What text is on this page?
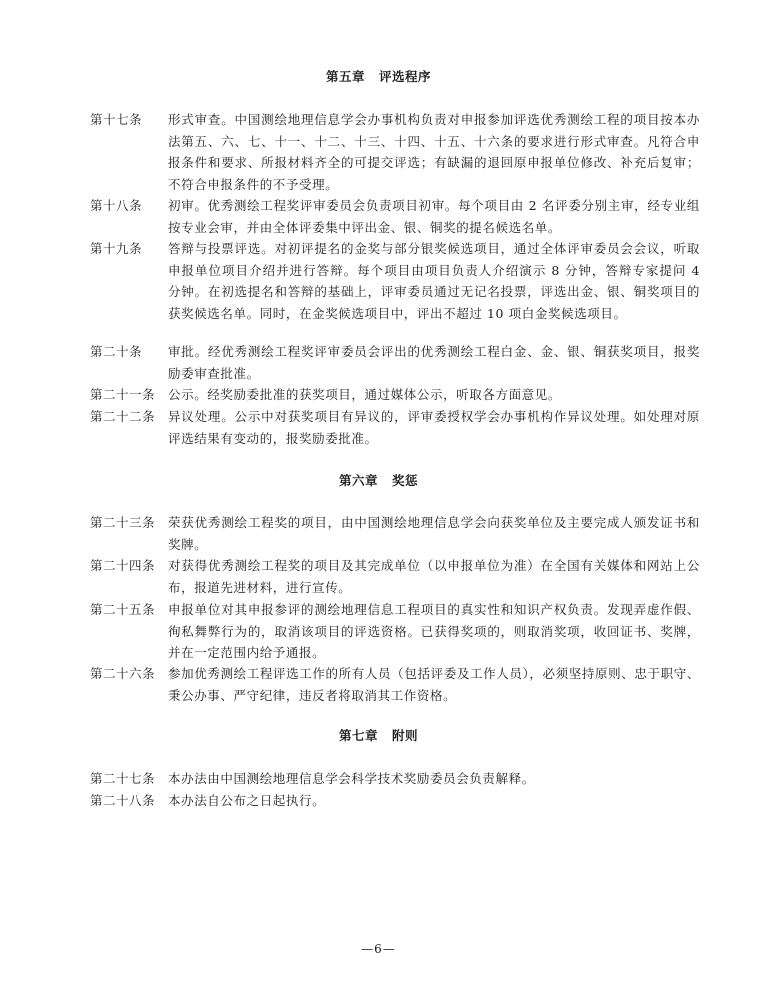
第五章 评选程序
第十七条	形式审查。中国测绘地理信息学会办事机构负责对申报参加评选优秀测绘工程的项目按本办法第五、六、七、十一、十二、十三、十四、十五、十六条的要求进行形式审查。凡符合申报条件和要求、所报材料齐全的可提交评选；有缺漏的退回原申报单位修改、补充后复审；不符合申报条件的不予受理。
第十八条	初审。优秀测绘工程奖评审委员会负责项目初审。每个项目由 2 名评委分别主审，经专业组按专业会审，并由全体评委集中评出金、银、铜奖的提名候选名单。
第十九条	答辩与投票评选。对初评提名的金奖与部分银奖候选项目，通过全体评审委员会会议，听取申报单位项目介绍并进行答辩。每个项目由项目负责人介绍演示 8 分钟，答辩专家提问 4 分钟。在初选提名和答辩的基础上，评审委员通过无记名投票，评选出金、银、铜奖项目的获奖候选名单。同时，在金奖候选项目中，评出不超过 10 项白金奖候选项目。
第二十条	审批。经优秀测绘工程奖评审委员会评出的优秀测绘工程白金、金、银、铜获奖项目，报奖励委审查批准。
第二十一条	公示。经奖励委批准的获奖项目，通过媒体公示，听取各方面意见。
第二十二条	异议处理。公示中对获奖项目有异议的，评审委授权学会办事机构作异议处理。如处理对原评选结果有变动的，报奖励委批准。
第六章 奖惩
第二十三条	荣获优秀测绘工程奖的项目，由中国测绘地理信息学会向获奖单位及主要完成人颁发证书和奖牌。
第二十四条	对获得优秀测绘工程奖的项目及其完成单位（以申报单位为准）在全国有关媒体和网站上公布，报道先进材料，进行宣传。
第二十五条	申报单位对其申报参评的测绘地理信息工程项目的真实性和知识产权负责。发现弄虚作假、徇私舞弊行为的，取消该项目的评选资格。已获得奖项的，则取消奖项，收回证书、奖牌，并在一定范围内给予通报。
第二十六条	参加优秀测绘工程评选工作的所有人员（包括评委及工作人员），必须坚持原则、忠于职守、秉公办事、严守纪律，违反者将取消其工作资格。
第七章 附则
第二十七条	本办法由中国测绘地理信息学会科学技术奖励委员会负责解释。
第二十八条	本办法自公布之日起执行。
—6—
